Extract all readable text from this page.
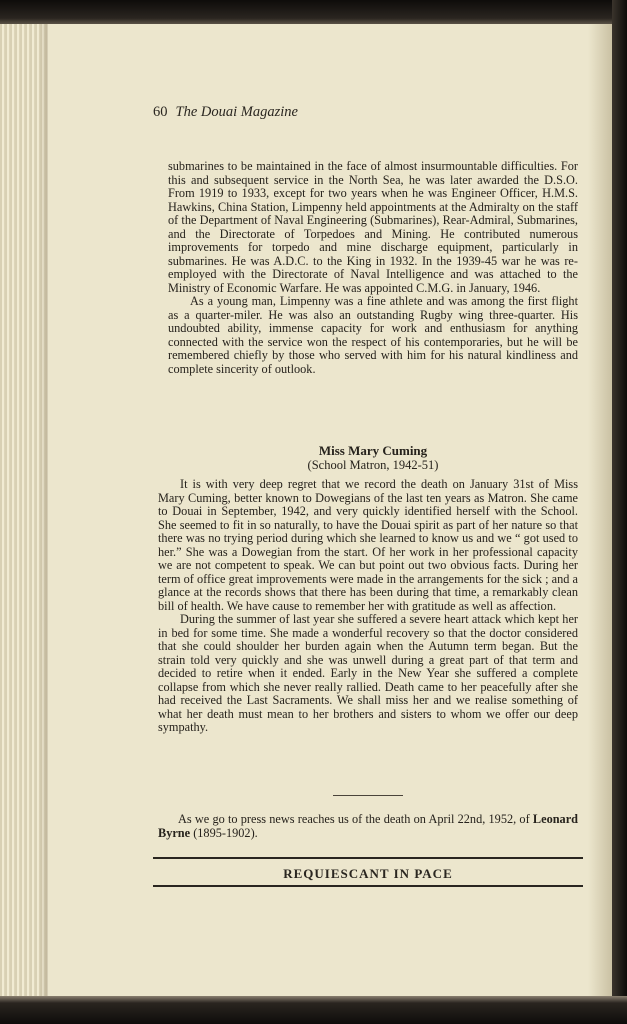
60 The Douai Magazine

submarines to be maintained in the face of almost insurmountable difficulties. For this and subsequent service in the North Sea, he was later awarded the D.S.O. From 1919 to 1933, except for two years when he was Engineer Officer, H.M.S. Hawkins, China Station, Limpenny held appointments at the Admiralty on the staff of the Department of Naval Engineering (Submarines), Rear-Admiral, Submarines, and the Directorate of Torpedoes and Mining. He contributed numerous improvements for torpedo and mine discharge equipment, particularly in submarines. He was A.D.C. to the King in 1932. In the 1939-45 war he was re-employed with the Directorate of Naval Intelligence and was attached to the Ministry of Economic Warfare. He was appointed C.M.G. in January, 1946.

As a young man, Limpenny was a fine athlete and was among the first flight as a quarter-miler. He was also an outstanding Rugby wing three-quarter. His undoubted ability, immense capacity for work and enthusiasm for anything connected with the service won the respect of his contemporaries, but he will be remembered chiefly by those who served with him for his natural kindliness and complete sincerity of outlook.

Miss Mary Cuming
(School Matron, 1942-51)

It is with very deep regret that we record the death on January 31st of Miss Mary Cuming, better known to Dowegians of the last ten years as Matron. She came to Douai in September, 1942, and very quickly identified herself with the School. She seemed to fit in so naturally, to have the Douai spirit as part of her nature so that there was no trying period during which she learned to know us and we “ got used to her.” She was a Dowegian from the start. Of her work in her professional capacity we are not competent to speak. We can but point out two obvious facts. During her term of office great improvements were made in the arrangements for the sick ; and a glance at the records shows that there has been during that time, a remarkably clean bill of health. We have cause to remember her with gratitude as well as affection.

During the summer of last year she suffered a severe heart attack which kept her in bed for some time. She made a wonderful recovery so that the doctor considered that she could shoulder her burden again when the Autumn term began. But the strain told very quickly and she was unwell during a great part of that term and decided to retire when it ended. Early in the New Year she suffered a complete collapse from which she never really rallied. Death came to her peacefully after she had received the Last Sacraments. We shall miss her and we realise something of what her death must mean to her brothers and sisters to whom we offer our deep sympathy.

As we go to press news reaches us of the death on April 22nd, 1952, of Leonard Byrne (1895-1902).

REQUIESCANT IN PACE
